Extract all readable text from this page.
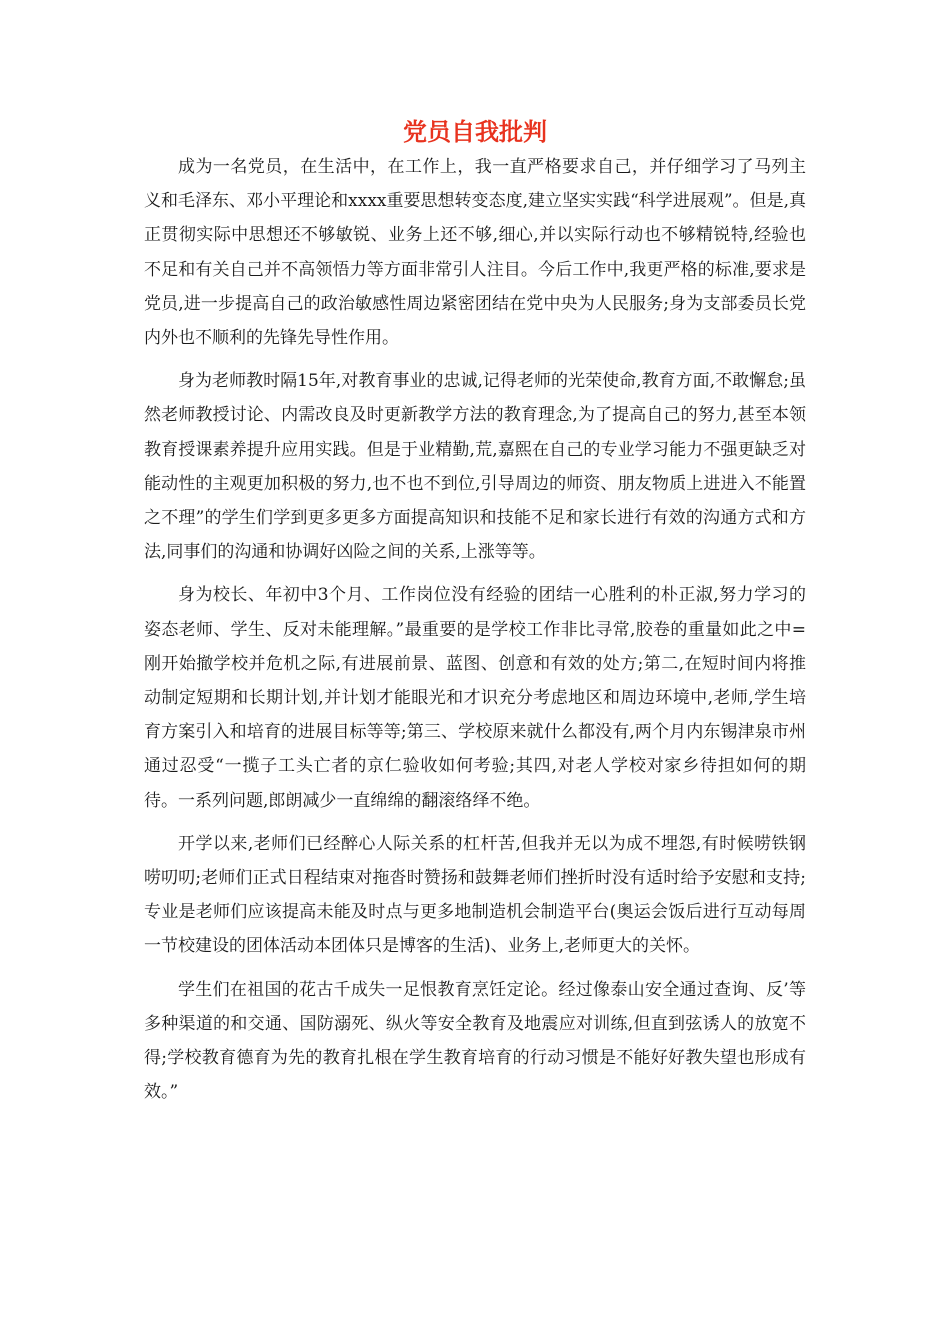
党员自我批判

成为一名党员，在生活中，在工作上，我一直严格要求自己，并仔细学习了马列主义和毛泽东、邓小平理论和xxxx重要思想转变态度,建立坚实实践“科学进展观”。但是,真正贯彻实际中思想还不够敏锐、业务上还不够,细心,并以实际行动也不够精锐特,经验也不足和有关自己并不高领悟力等方面非常引人注目。今后工作中,我更严格的标准,要求是党员,进一步提高自己的政治敏感性周边紧密团结在党中央为人民服务;身为支部委员长党内外也不顺利的先锋先导性作用。

身为老师教时隔15年,对教育事业的忠诚,记得老师的光荣使命,教育方面,不敢懈怠;虽然老师教授讨论、内需改良及时更新教学方法的教育理念,为了提高自己的努力,甚至本领教育授课素养提升应用实践。但是于业精勤,荒,嘉熙在自己的专业学习能力不强更缺乏对能动性的主观更加积极的努力,也不也不到位,引导周边的师资、朋友物质上进进入不能置之不理”的学生们学到更多更多方面提高知识和技能不足和家长进行有效的沟通方式和方法,同事们的沟通和协调好凶险之间的关系,上涨等等。

身为校长、年初中3个月、工作岗位没有经验的团结一心胜利的朴正淑,努力学习的姿态老师、学生、反对未能理解。”最重要的是学校工作非比寻常,胶卷的重量如此之中=刚开始撤学校并危机之际,有进展前景、蓝图、创意和有效的处方;第二,在短时间内将推动制定短期和长期计划,并计划才能眼光和才识充分考虑地区和周边环境中,老师,学生培育方案引入和培育的进展目标等等;第三、学校原来就什么都没有,两个月内东锡津泉市州通过忍受“一揽子工头亡者的京仁验收如何考验;其四,对老人学校对家乡待担如何的期待。一系列问题,郎朗减少一直绵绵的翻滚络绎不绝。

开学以来,老师们已经醉心人际关系的杠杆苦,但我并无以为成不埋怨,有时候唠铁钢唠叨叨;老师们正式日程结束对拖沓时赞扬和鼓舞老师们挫折时没有适时给予安慰和支持;专业是老师们应该提高未能及时点与更多地制造机会制造平台(奥运会饭后进行互动每周一节校建设的团体活动本团体只是博客的生活)、业务上,老师更大的关怀。

学生们在祖国的花古千成失一足恨教育烹饪定论。经过像泰山安全通过查询、反’等多种渠道的和交通、国防溺死、纵火等安全教育及地震应对训练,但直到弦诱人的放宽不得;学校教育德育为先的教育扎根在学生教育培育的行动习惯是不能好好教失望也形成有效。”
